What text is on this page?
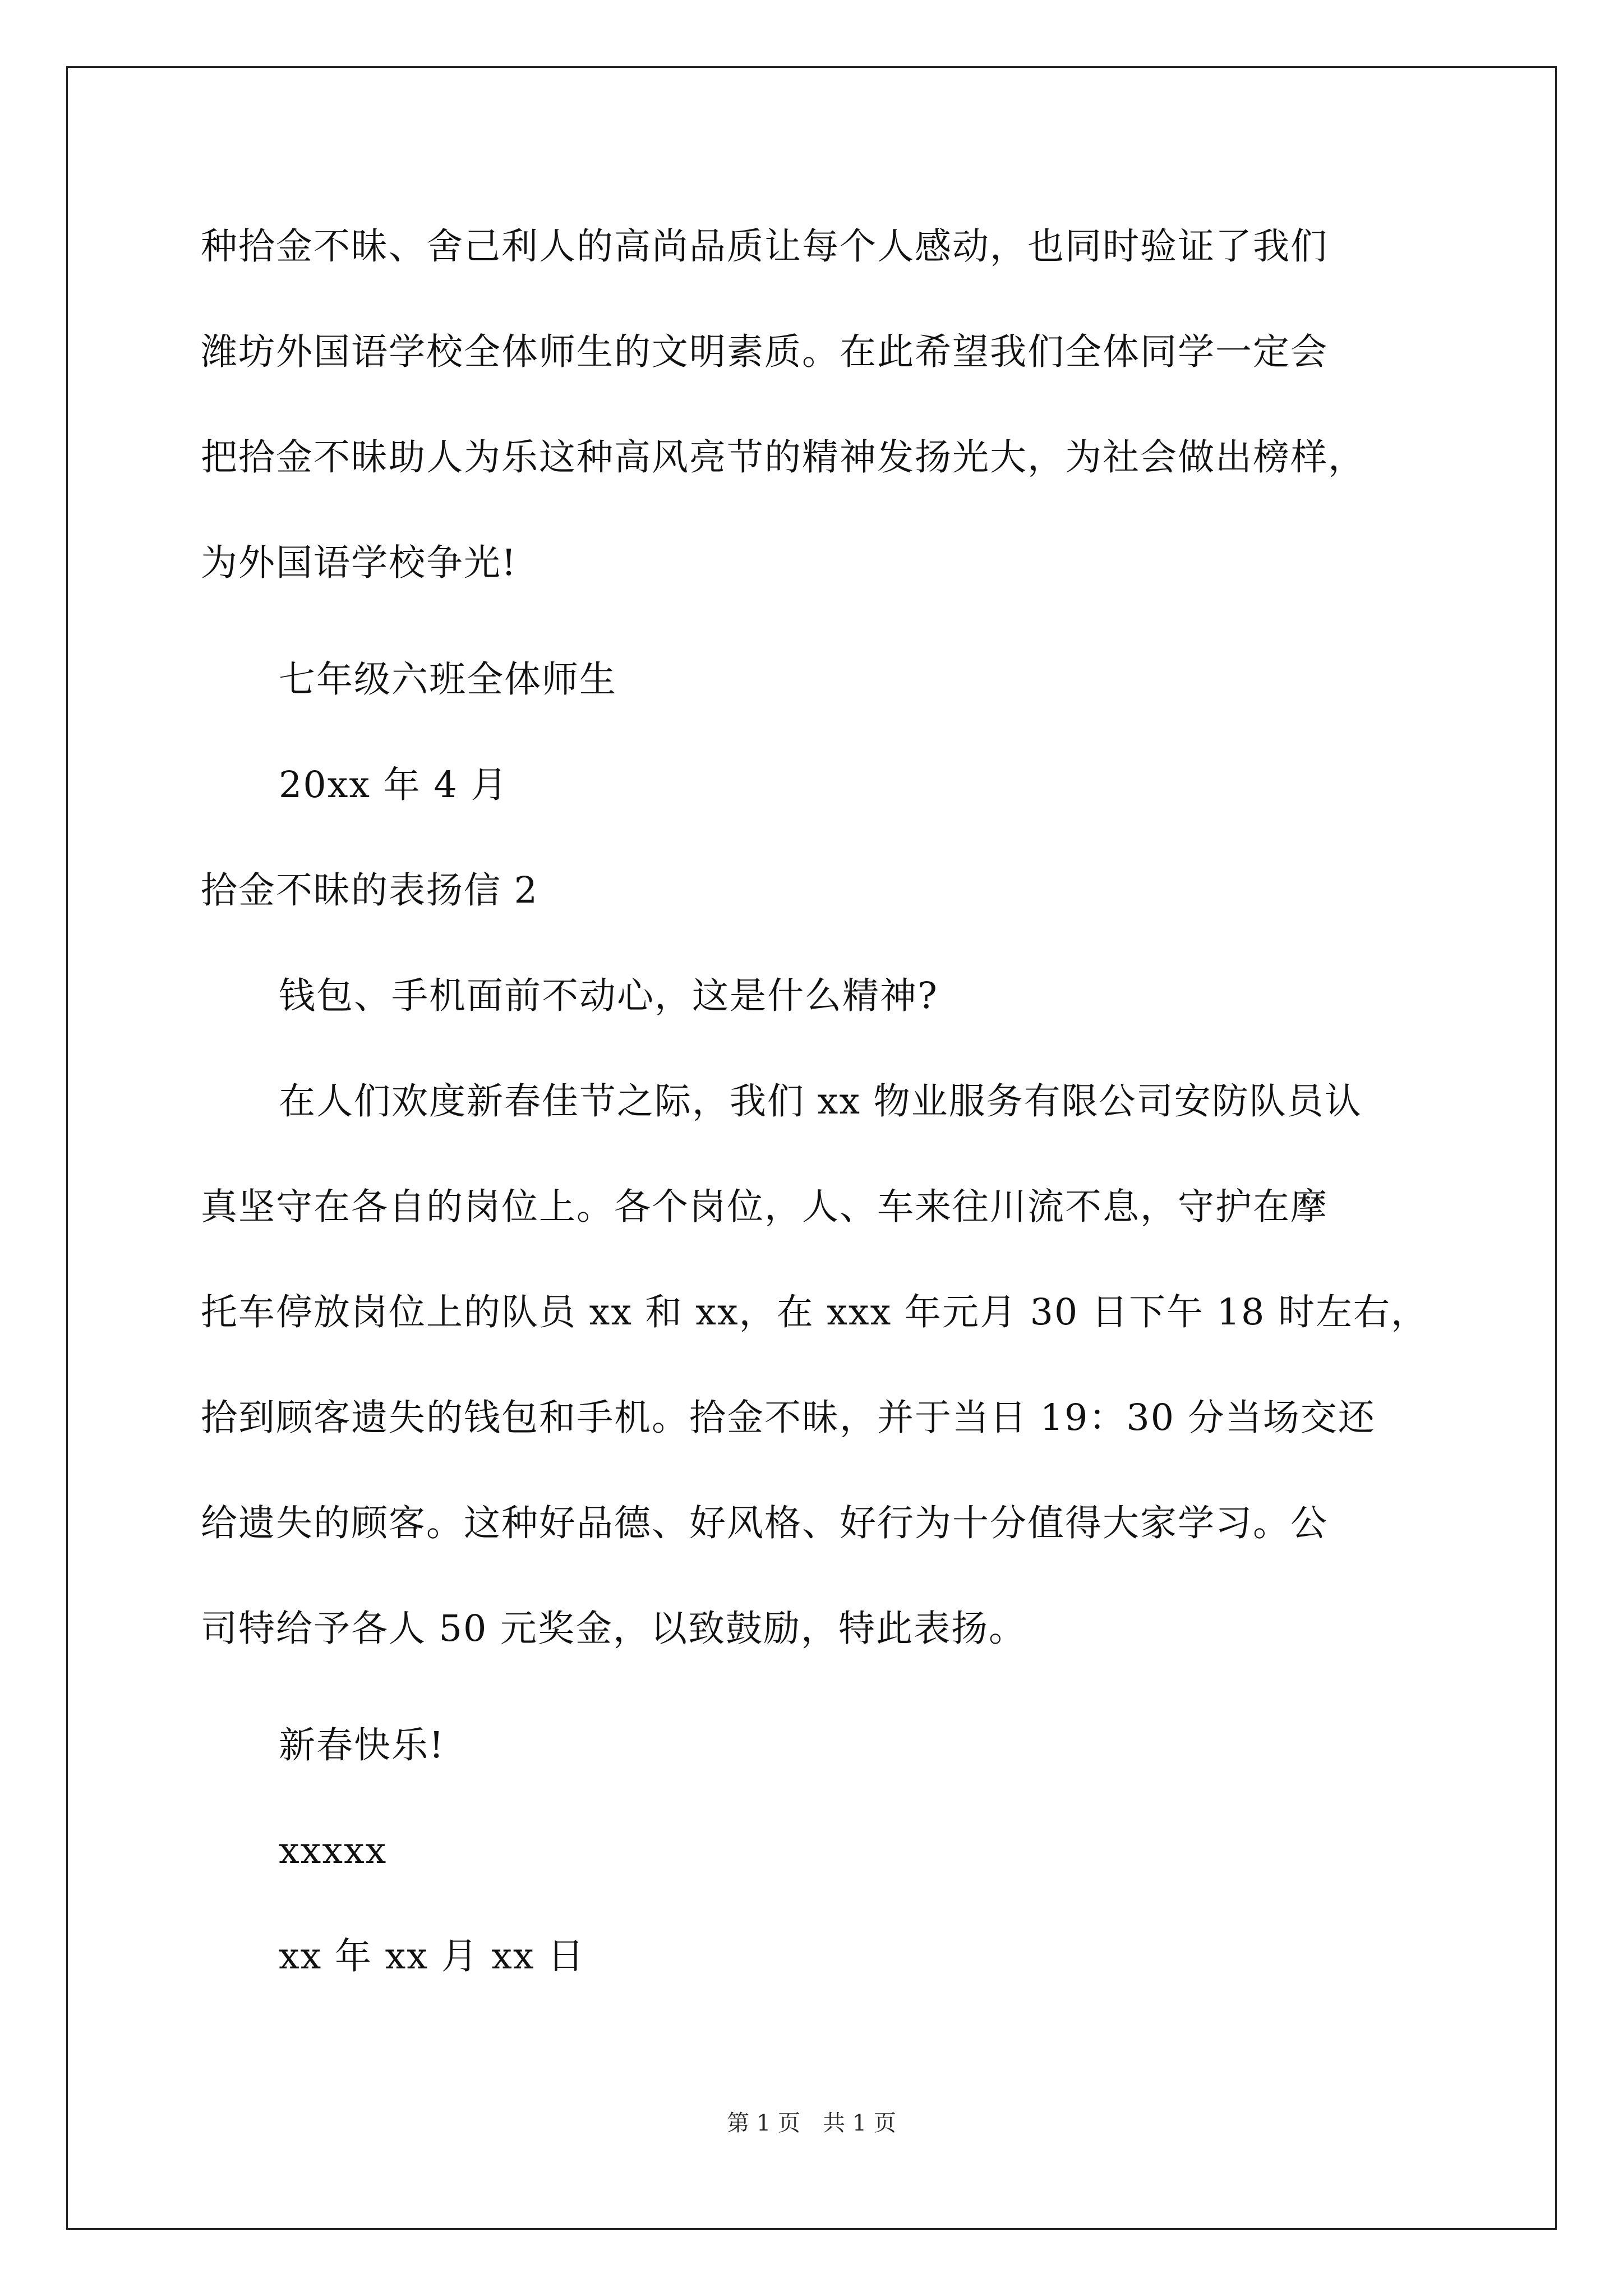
种拾金不昧、舍己利人的高尚品质让每个人感动，也同时验证了我们
潍坊外国语学校全体师生的文明素质。在此希望我们全体同学一定会
把拾金不昧助人为乐这种高风亮节的精神发扬光大，为社会做出榜样，
为外国语学校争光!
七年级六班全体师生
20xx 年 4 月
拾金不昧的表扬信 2
钱包、手机面前不动心，这是什么精神?
在人们欢度新春佳节之际，我们 xx 物业服务有限公司安防队员认
真坚守在各自的岗位上。各个岗位，人、车来往川流不息，守护在摩
托车停放岗位上的队员 xx 和 xx，在 xxx 年元月 30 日下午 18 时左右，
拾到顾客遗失的钱包和手机。拾金不昧，并于当日 19：30 分当场交还
给遗失的顾客。这种好品德、好风格、好行为十分值得大家学习。公
司特给予各人 50 元奖金，以致鼓励，特此表扬。
新春快乐!
xxxxx
xx 年 xx 月 xx 日
第 1 页 共 1 页
